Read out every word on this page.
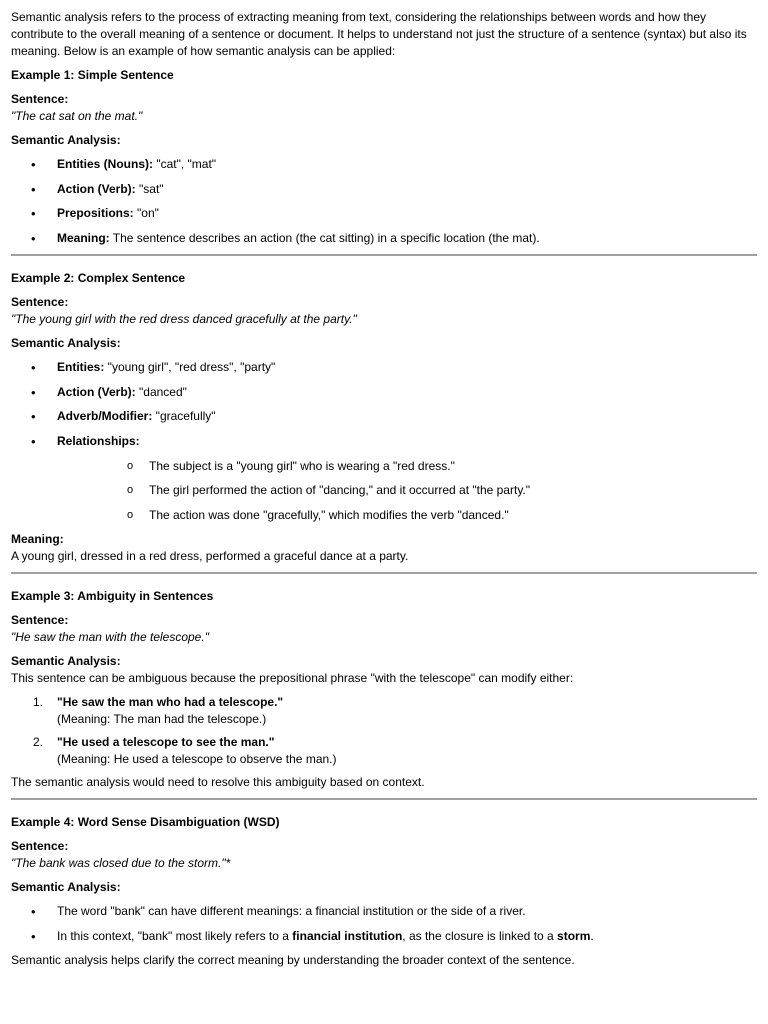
Semantic analysis refers to the process of extracting meaning from text, considering the relationships between words and how they contribute to the overall meaning of a sentence or document. It helps to understand not just the structure of a sentence (syntax) but also its meaning. Below is an example of how semantic analysis can be applied:

Example 1: Simple Sentence

Sentence:

"The cat sat on the mat."

Semantic Analysis:

• Entities (Nouns): "cat", "mat"
• Action (Verb): "sat"
• Prepositions: "on"
• Meaning: The sentence describes an action (the cat sitting) in a specific location (the mat).

Example 2: Complex Sentence

Sentence:

"The young girl with the red dress danced gracefully at the party."

Semantic Analysis:

• Entities: "young girl", "red dress", "party"
• Action (Verb): "danced"
• Adverb/Modifier: "gracefully"
• Relationships:
o The subject is a "young girl" who is wearing a "red dress."
o The girl performed the action of "dancing," and it occurred at "the party."
o The action was done "gracefully," which modifies the verb "danced."

Meaning:

A young girl, dressed in a red dress, performed a graceful dance at a party.

Example 3: Ambiguity in Sentences

Sentence:

"He saw the man with the telescope."

Semantic Analysis:

This sentence can be ambiguous because the prepositional phrase "with the telescope" can modify either:

1. "He saw the man who had a telescope."
(Meaning: The man had the telescope.)
2. "He used a telescope to see the man."
(Meaning: He used a telescope to observe the man.)

The semantic analysis would need to resolve this ambiguity based on context.

Example 4: Word Sense Disambiguation (WSD)

Sentence:

"The bank was closed due to the storm."*

Semantic Analysis:

• The word "bank" can have different meanings: a financial institution or the side of a river.
• In this context, "bank" most likely refers to a financial institution, as the closure is linked to a storm.

Semantic analysis helps clarify the correct meaning by understanding the broader context of the sentence.
